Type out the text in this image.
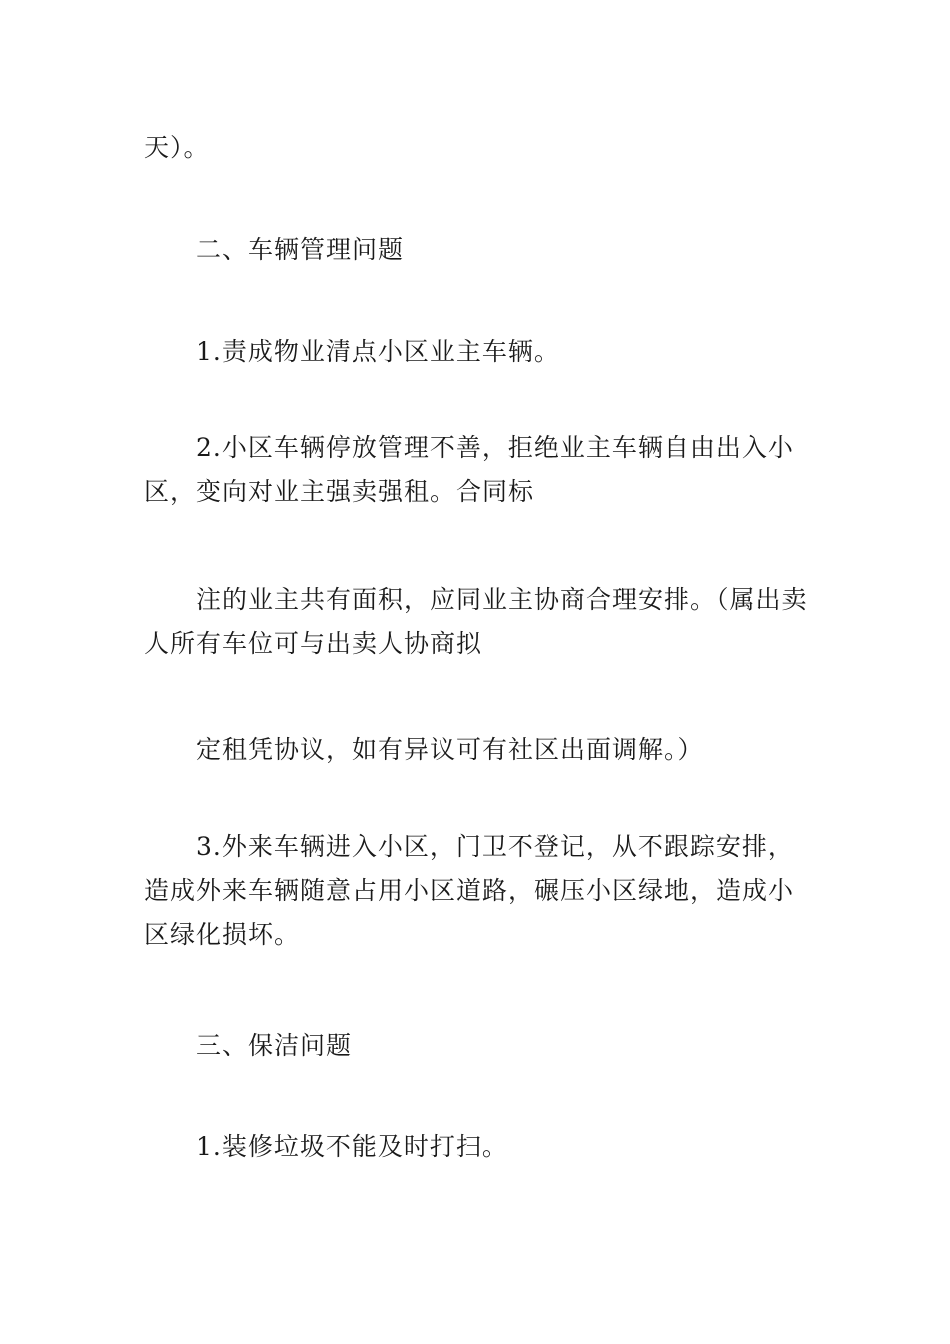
天）。

二、车辆管理问题

1.责成物业清点小区业主车辆。

2.小区车辆停放管理不善，拒绝业主车辆自由出入小
区，变向对业主强卖强租。合同标

注的业主共有面积，应同业主协商合理安排。（属出卖
人所有车位可与出卖人协商拟

定租凭协议，如有异议可有社区出面调解。）

3.外来车辆进入小区，门卫不登记，从不跟踪安排，
造成外来车辆随意占用小区道路，碾压小区绿地，造成小
区绿化损坏。

三、保洁问题

1.装修垃圾不能及时打扫。
